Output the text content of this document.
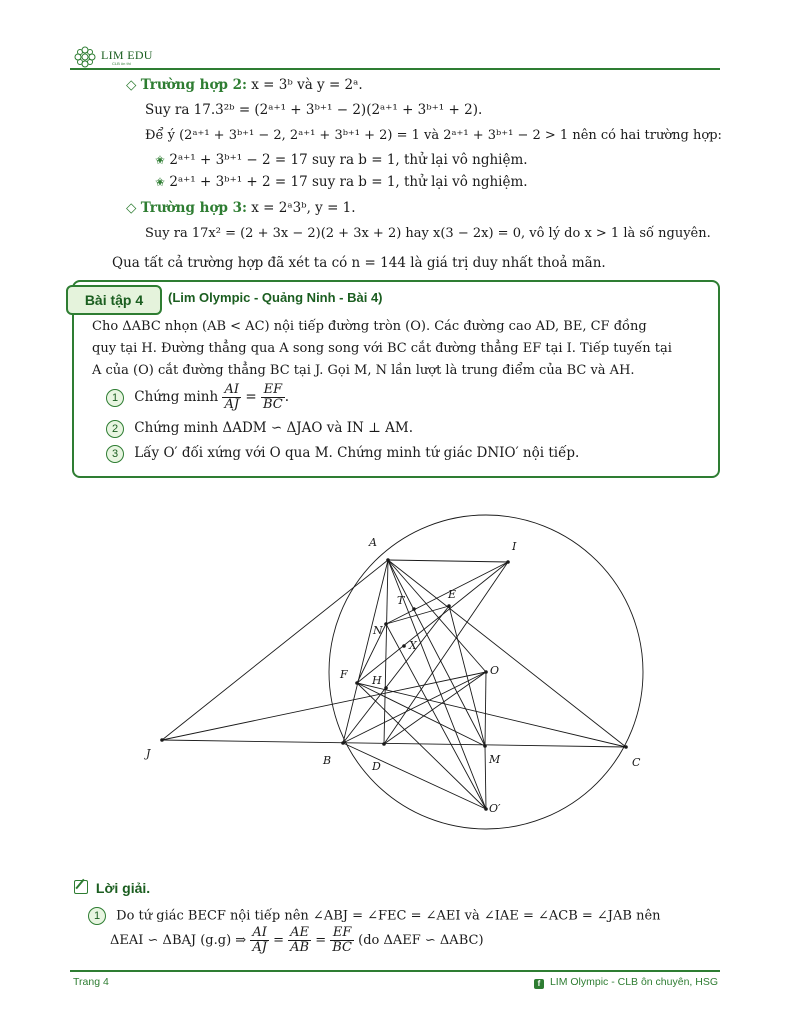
LIM EDU
CLB ôn thi
◇ Trường hợp 2: x = 3ᵇ và y = 2ᵃ.
Suy ra 17.3²ᵇ = (2ᵃ⁺¹ + 3ᵇ⁺¹ − 2)(2ᵃ⁺¹ + 3ᵇ⁺¹ + 2).
Để ý (2ᵃ⁺¹ + 3ᵇ⁺¹ − 2, 2ᵃ⁺¹ + 3ᵇ⁺¹ + 2) = 1 và 2ᵃ⁺¹ + 3ᵇ⁺¹ − 2 > 1 nên có hai trường hợp:
✬ 2ᵃ⁺¹ + 3ᵇ⁺¹ − 2 = 17 suy ra b = 1, thử lại vô nghiệm.
✬ 2ᵃ⁺¹ + 3ᵇ⁺¹ + 2 = 17 suy ra b = 1, thử lại vô nghiệm.
◇ Trường hợp 3: x = 2ᵃ3ᵇ, y = 1.
Suy ra 17x² = (2 + 3x − 2)(2 + 3x + 2) hay x(3 − 2x) = 0, vô lý do x > 1 là số nguyên.
Qua tất cả trường hợp đã xét ta có n = 144 là giá trị duy nhất thoả mãn.
Bài tập 4	(Lim Olympic - Quảng Ninh - Bài 4)
Cho ΔABC nhọn (AB < AC) nội tiếp đường tròn (O). Các đường cao AD, BE, CF đồng
quy tại H. Đường thẳng qua A song song với BC cắt đường thẳng EF tại I. Tiếp tuyến tại
A của (O) cắt đường thẳng BC tại J. Gọi M, N lần lượt là trung điểm của BC và AH.
1 Chứng minh $\frac{AI}{AJ} = \frac{EF}{BC}$ .
2 Chứng minh ΔADM ∽ ΔJAO và IN ⊥ AM.
3 Lấy O′ đối xứng với O qua M. Chứng minh tứ giác DNIO′ nội tiếp.
A	I
T	E
N
X
F H
O
J
B	D
M	C
O′
Lời giải.
1 Do tứ giác BECF nội tiếp nên ∠ABJ = ∠FEC = ∠AEI và ∠IAE = ∠ACB = ∠JAB nên
ΔEAI ∽ ΔBAJ (g.g) ⇒ $\frac{AI}{AJ} = \frac{AE}{AB} = \frac{EF}{BC} (do$ ΔAEF ∽ ΔABC)
Trang 4	f LIM Olympic - CLB ôn chuyên, HSG
